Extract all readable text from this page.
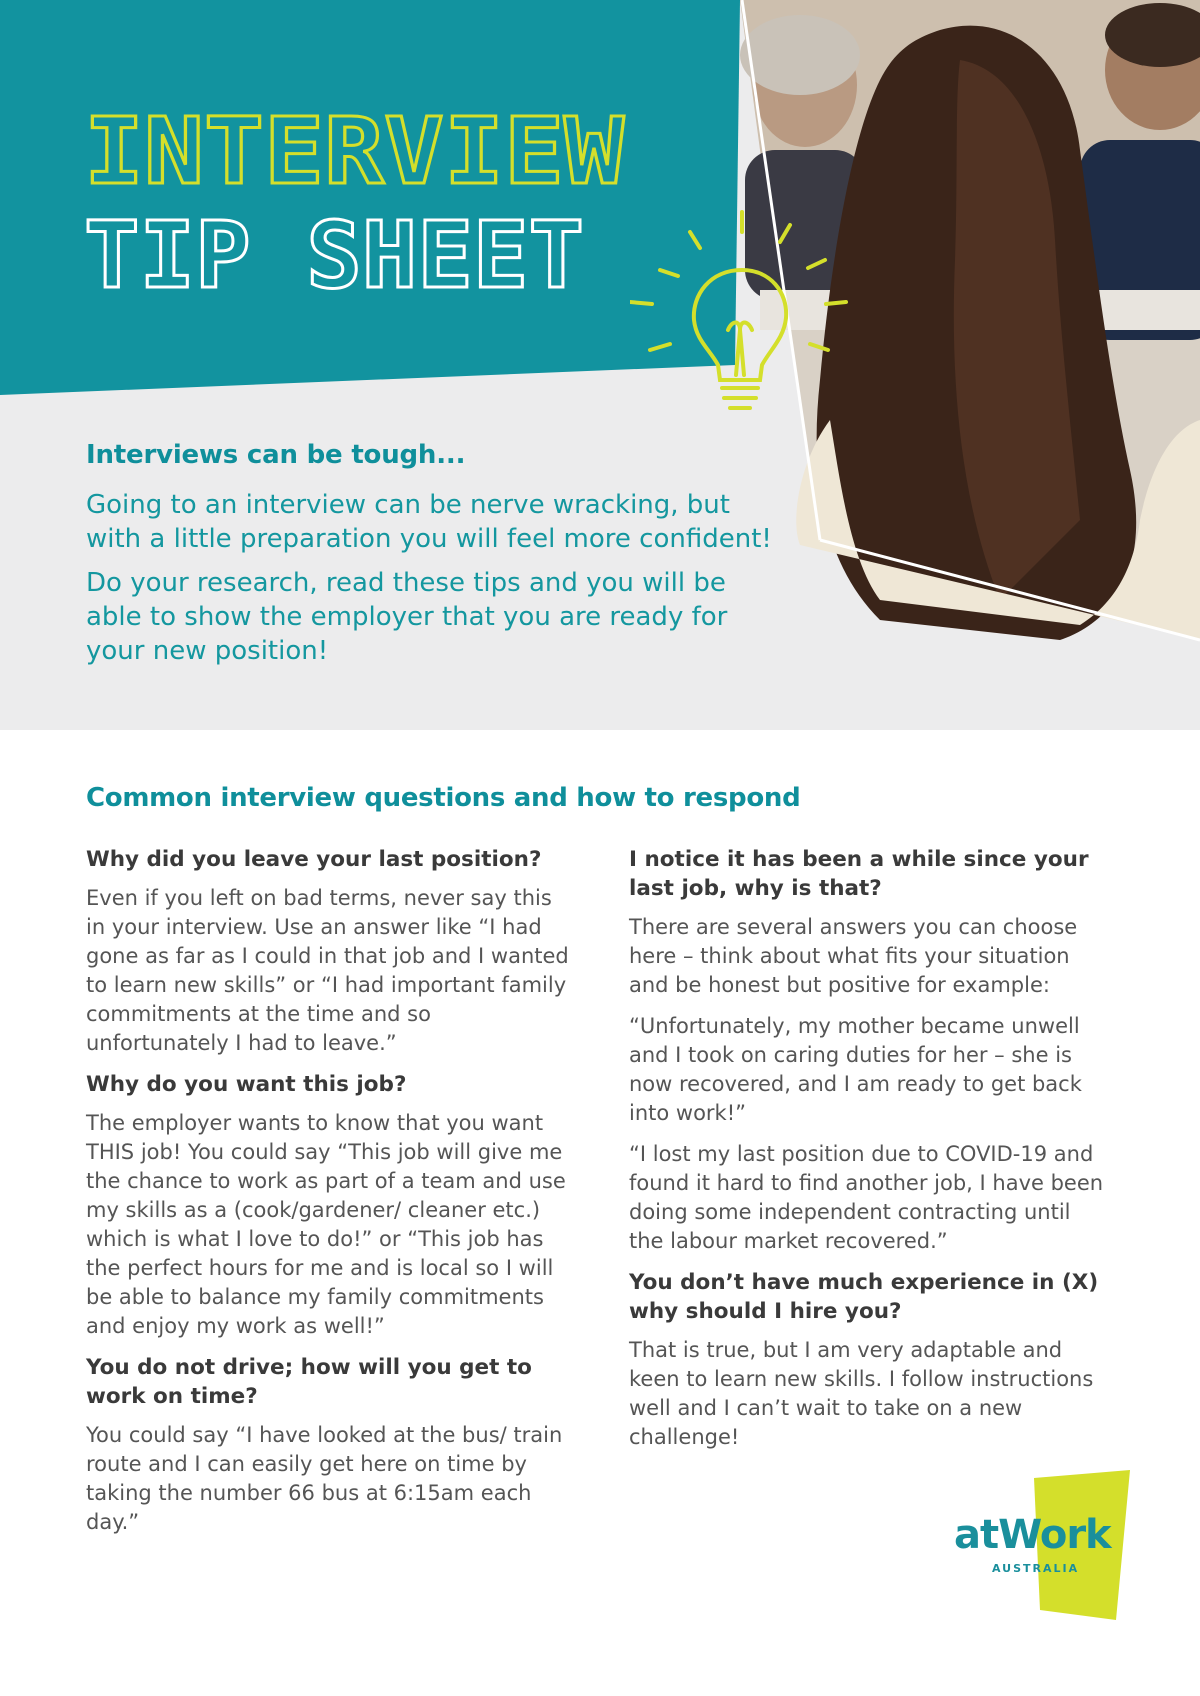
INTERVIEW
TIP SHEET
Interviews can be tough...

Going to an interview can be nerve wracking, but with a little preparation you will feel more confident!

Do your research, read these tips and you will be able to show the employer that you are ready for your new position!

Common interview questions and how to respond
Why did you leave your last position?
Even if you left on bad terms, never say this in your interview. Use an answer like “I had gone as far as I could in that job and I wanted to learn new skills” or “I had important family commitments at the time and so unfortunately I had to leave.”
Why do you want this job?
The employer wants to know that you want THIS job! You could say “This job will give me the chance to work as part of a team and use my skills as a (cook/gardener/ cleaner etc.) which is what I love to do!” or “This job has the perfect hours for me and is local so I will be able to balance my family commitments and enjoy my work as well!”
You do not drive; how will you get to work on time?
You could say “I have looked at the bus/ train route and I can easily get here on time by taking the number 66 bus at 6:15am each day.”
I notice it has been a while since your last job, why is that?
There are several answers you can choose here – think about what fits your situation and be honest but positive for example:
“Unfortunately, my mother became unwell and I took on caring duties for her – she is now recovered, and I am ready to get back into work!”
“I lost my last position due to COVID-19 and found it hard to find another job, I have been doing some independent contracting until the labour market recovered.”
You don’t have much experience in (X) why should I hire you?
That is true, but I am very adaptable and keen to learn new skills. I follow instructions well and I can’t wait to take on a new challenge!
atWork
AUSTRALIA
